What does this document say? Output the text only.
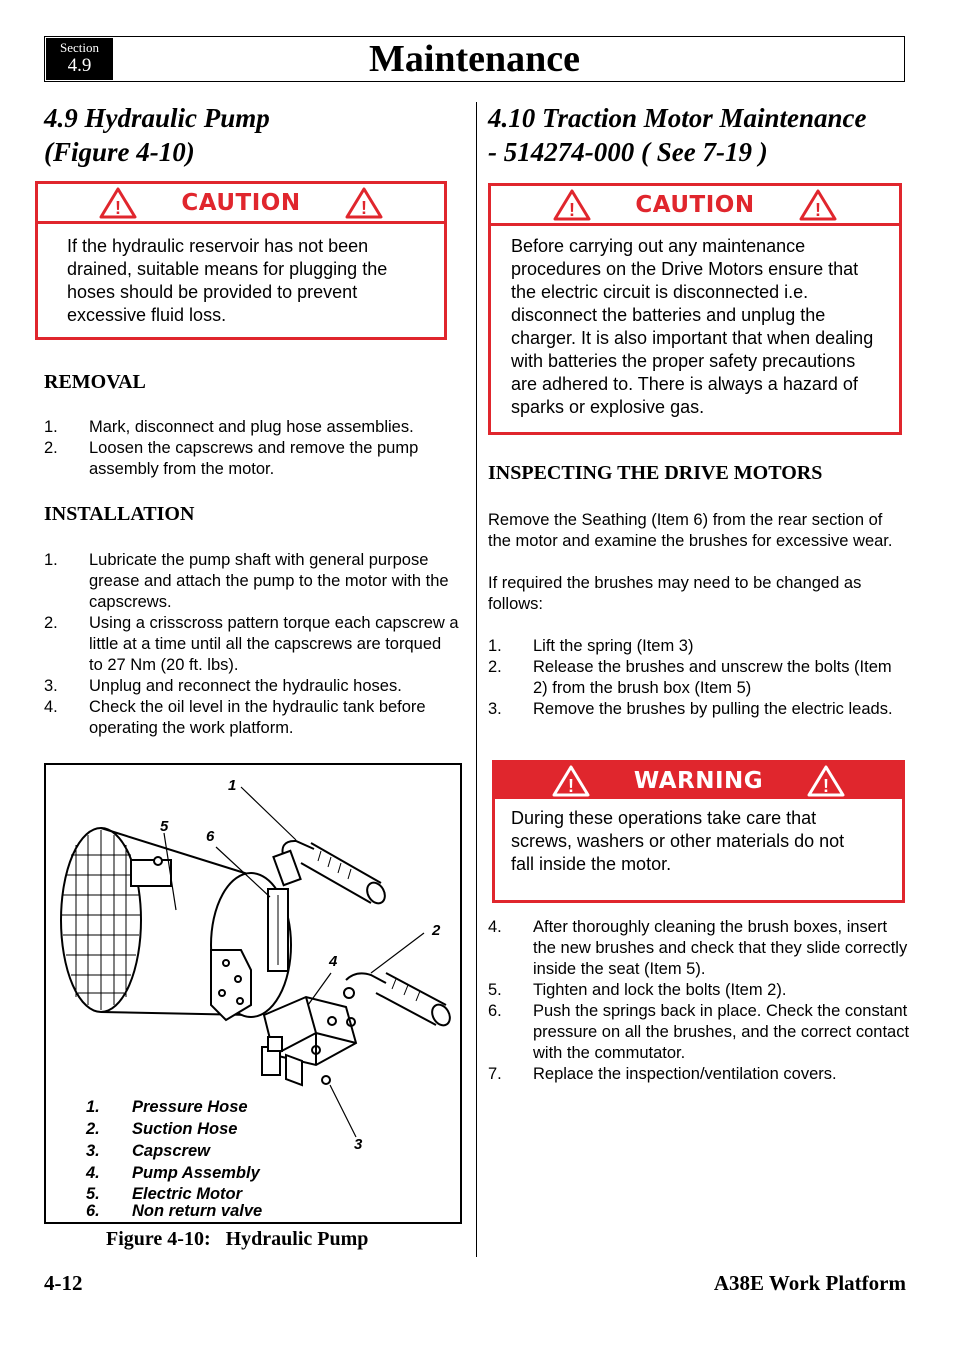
Section
4.9	Maintenance
4.9 Hydraulic Pump
(Figure 4-10)
!	CAUTION	!
If the hydraulic reservoir has not been drained, suitable means for plugging the hoses should be provided to prevent excessive fluid loss.
REMOVAL
1. Mark, disconnect and plug hose assemblies.
2. Loosen the capscrews and remove the pump assembly from the motor.
INSTALLATION
1. Lubricate the pump shaft with general purpose grease and attach the pump to the motor with the capscrews.
2. Using a crisscross pattern torque each capscrew a little at a time until all the capscrews are torqued to 27 Nm (20 ft. lbs).
3. Unplug and reconnect the hydraulic hoses.
4. Check the oil level in the hydraulic tank before operating the work platform.
1
2
3
4
5
6
1.	Pressure Hose
2.	Suction Hose
3.	Capscrew
4.	Pump Assembly
5.	Electric Motor
6.	Non return valve
Figure 4-10:   Hydraulic Pump
4.10 Traction Motor Maintenance
- 514274-000 ( See 7-19 )
!	CAUTION	!
Before carrying out any maintenance procedures on the Drive Motors ensure that the electric circuit is disconnected i.e. disconnect the batteries and unplug the charger. It is also important that when dealing with batteries the proper safety precautions are adhered to. There is always a hazard of sparks or explosive gas.
INSPECTING THE DRIVE MOTORS
Remove the Seathing (Item 6) from the rear section of the motor and examine the brushes for excessive wear.
If required the brushes may need to be changed as follows:
1. Lift the spring (Item 3)
2. Release the brushes and unscrew the bolts (Item 2) from the brush box (Item 5)
3. Remove the brushes by pulling the electric leads.
!	WARNING	!
During these operations take care that screws, washers or other materials do not fall inside the motor.
4. After thoroughly cleaning the brush boxes, insert the new brushes and check that they slide correctly inside the seat (Item 5).
5. Tighten and lock the bolts (Item 2).
6. Push the springs back in place. Check the constant pressure on all the brushes, and the correct contact with the commutator.
7. Replace the inspection/ventilation covers.
4-12	A38E Work Platform
